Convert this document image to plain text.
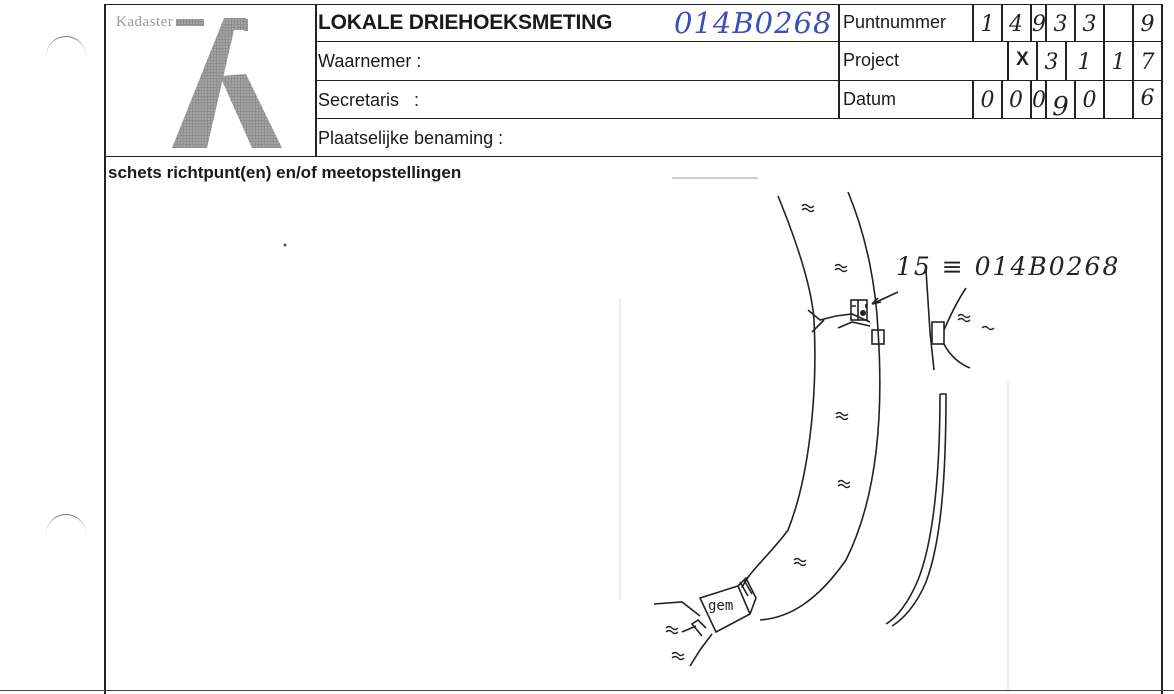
Kadaster	LOKALE DRIEHOEKSMETING 014B0268 Puntnummer	1 4 9 3 3	9
Waarnemer :	Project	X 3 1 1 7
Secretaris   :	Datum	0 0 0 9 0	6
Plaatselijke benaming :
schets richtpunt(en) en/of meetopstellingen
15 ≡ 014B0268
gem
